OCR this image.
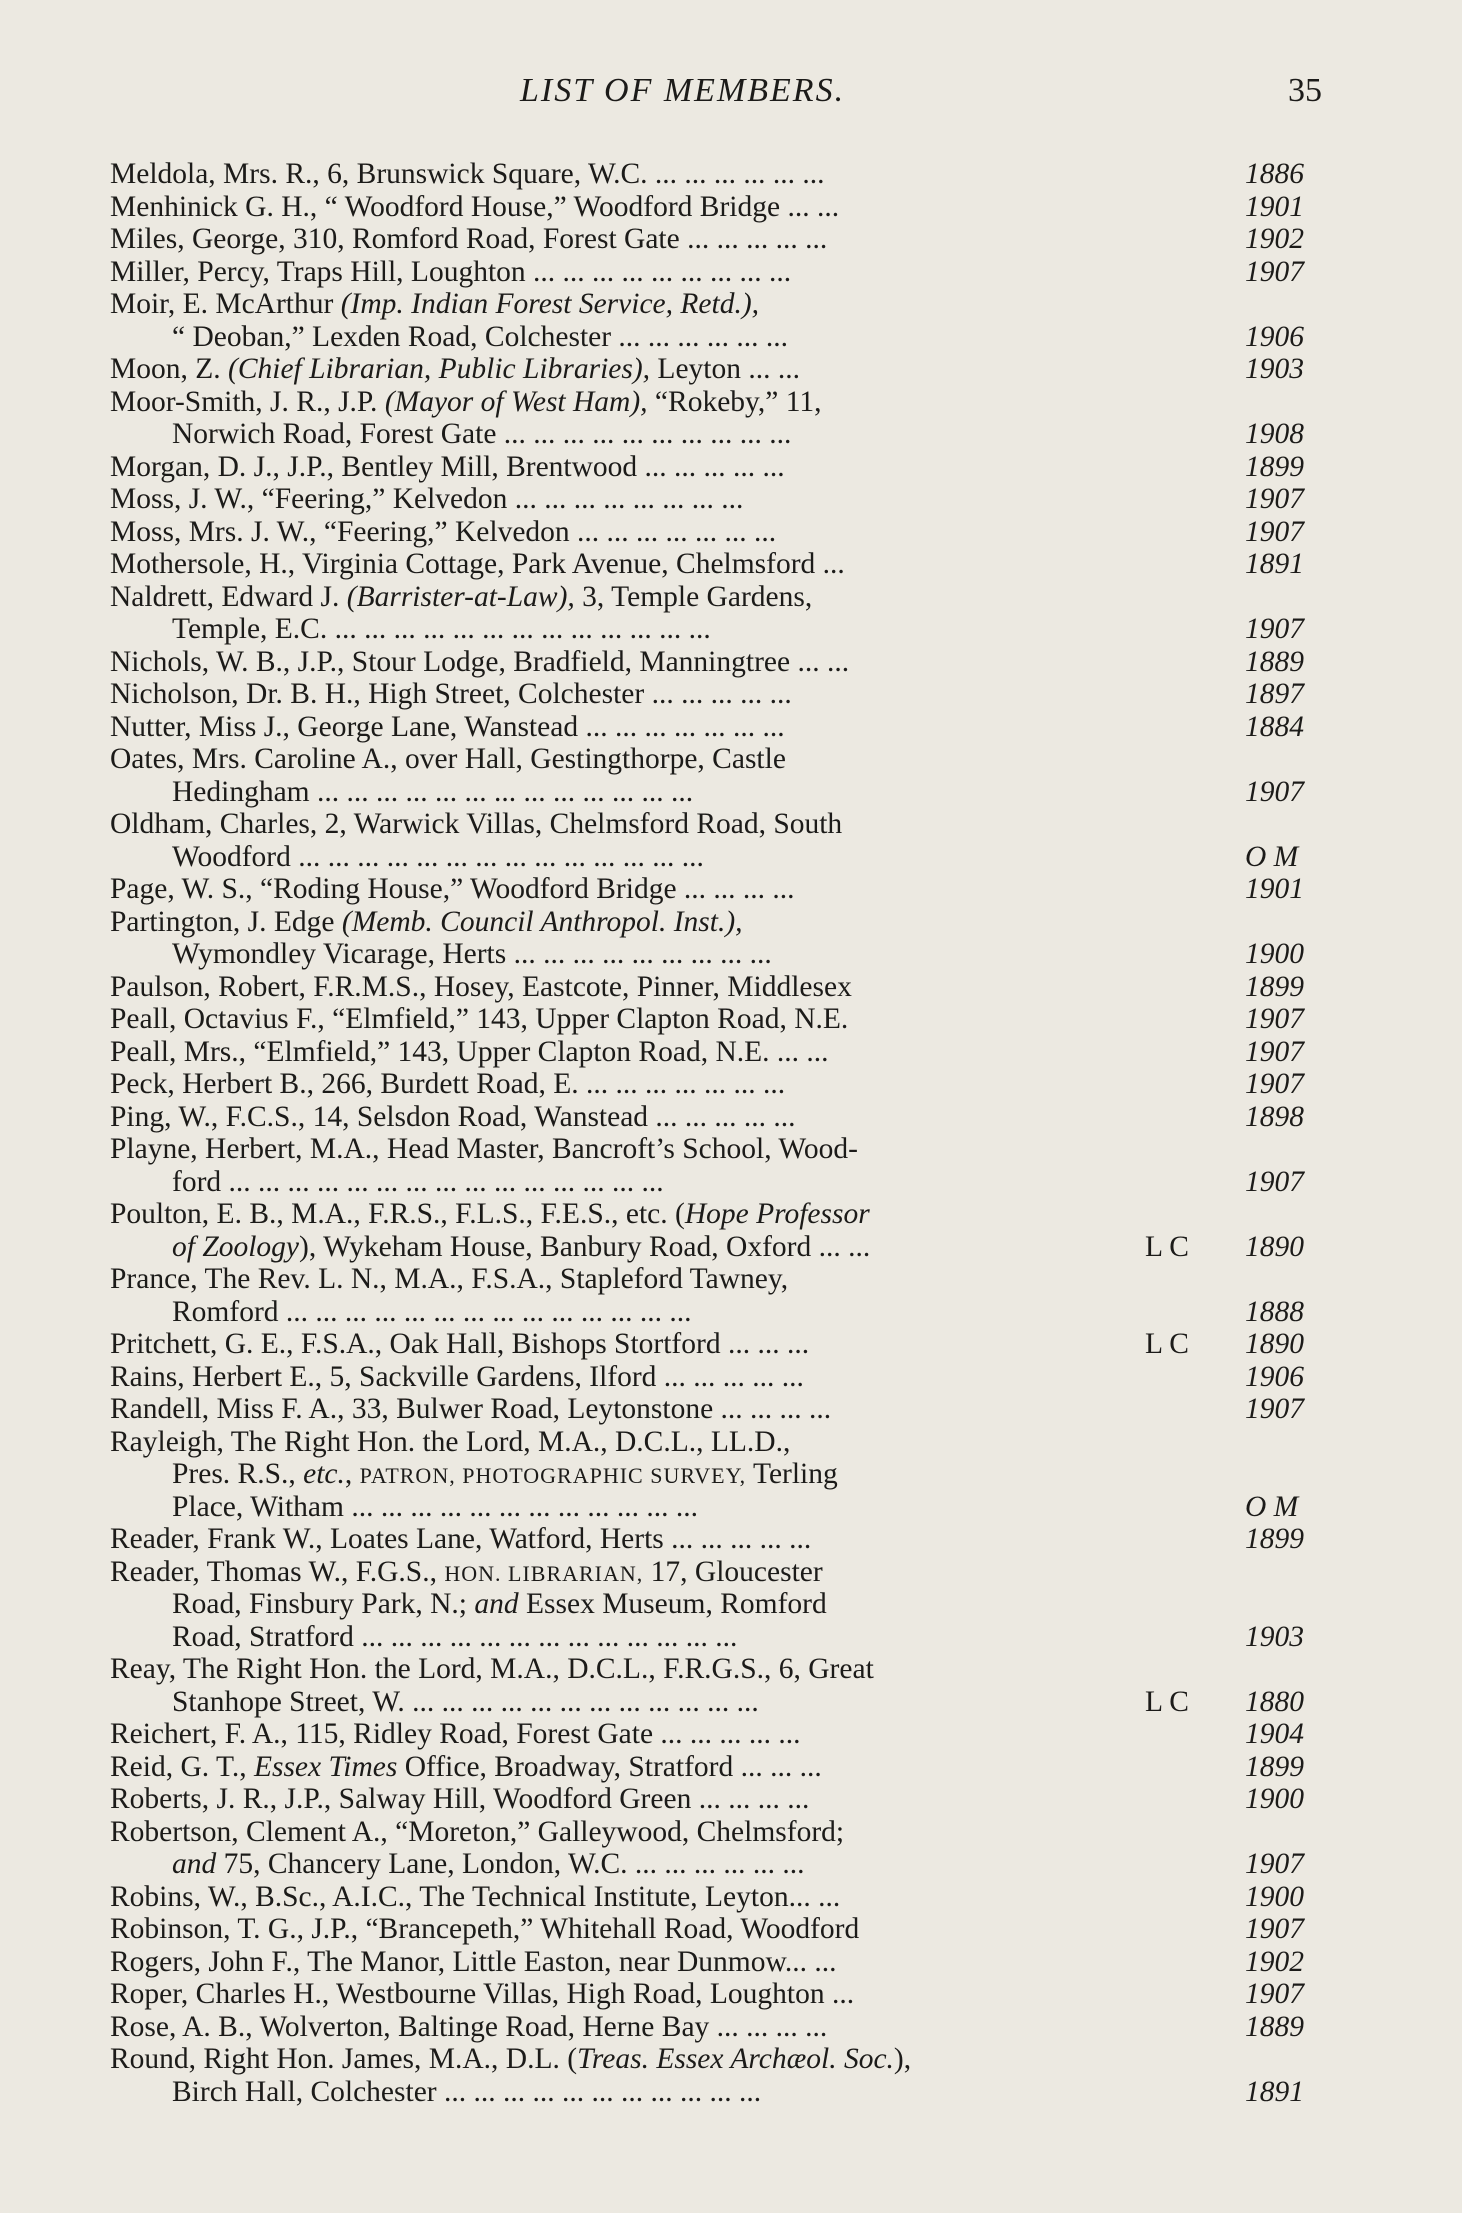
LIST OF MEMBERS.	35
Meldola, Mrs. R., 6, Brunswick Square, W.C. ... ... ... ... ... ...	1886
Menhinick G. H., “ Woodford House,” Woodford Bridge ... ...	1901
Miles, George, 310, Romford Road, Forest Gate ... ... ... ... ...	1902
Miller, Percy, Traps Hill, Loughton ... ... ... ... ... ... ... ... ...	1907
Moir, E. McArthur (Imp. Indian Forest Service, Retd.),
“ Deoban,” Lexden Road, Colchester ... ... ... ... ... ...	1906
Moon, Z. (Chief Librarian, Public Libraries), Leyton ... ...	1903
Moor-Smith, J. R., J.P. (Mayor of West Ham), “Rokeby,” 11,
Norwich Road, Forest Gate ... ... ... ... ... ... ... ... ... ...	1908
Morgan, D. J., J.P., Bentley Mill, Brentwood ... ... ... ... ...	1899
Moss, J. W., “Feering,” Kelvedon ... ... ... ... ... ... ... ...	1907
Moss, Mrs. J. W., “Feering,” Kelvedon ... ... ... ... ... ... ...	1907
Mothersole, H., Virginia Cottage, Park Avenue, Chelmsford ...	1891
Naldrett, Edward J. (Barrister-at-Law), 3, Temple Gardens,
Temple, E.C. ... ... ... ... ... ... ... ... ... ... ... ... ...	1907
Nichols, W. B., J.P., Stour Lodge, Bradfield, Manningtree ... ...	1889
Nicholson, Dr. B. H., High Street, Colchester ... ... ... ... ...	1897
Nutter, Miss J., George Lane, Wanstead ... ... ... ... ... ... ...	1884
Oates, Mrs. Caroline A., over Hall, Gestingthorpe, Castle
Hedingham ... ... ... ... ... ... ... ... ... ... ... ... ...	1907
Oldham, Charles, 2, Warwick Villas, Chelmsford Road, South
Woodford ... ... ... ... ... ... ... ... ... ... ... ... ... ...	O M
Page, W. S., “Roding House,” Woodford Bridge ... ... ... ...	1901
Partington, J. Edge (Memb. Council Anthropol. Inst.),
Wymondley Vicarage, Herts ... ... ... ... ... ... ... ... ...	1900
Paulson, Robert, F.R.M.S., Hosey, Eastcote, Pinner, Middlesex	1899
Peall, Octavius F., “Elmfield,” 143, Upper Clapton Road, N.E.	1907
Peall, Mrs., “Elmfield,” 143, Upper Clapton Road, N.E. ... ...	1907
Peck, Herbert B., 266, Burdett Road, E. ... ... ... ... ... ... ...	1907
Ping, W., F.C.S., 14, Selsdon Road, Wanstead ... ... ... ... ...	1898
Playne, Herbert, M.A., Head Master, Bancroft’s School, Wood-
ford ... ... ... ... ... ... ... ... ... ... ... ... ... ... ...	1907
Poulton, E. B., M.A., F.R.S., F.L.S., F.E.S., etc. (Hope Professor
of Zoology), Wykeham House, Banbury Road, Oxford ... ...	L C	1890
Prance, The Rev. L. N., M.A., F.S.A., Stapleford Tawney,
Romford ... ... ... ... ... ... ... ... ... ... ... ... ... ...	1888
Pritchett, G. E., F.S.A., Oak Hall, Bishops Stortford ... ... ...	L C	1890
Rains, Herbert E., 5, Sackville Gardens, Ilford ... ... ... ... ...	1906
Randell, Miss F. A., 33, Bulwer Road, Leytonstone ... ... ... ...	1907
Rayleigh, The Right Hon. the Lord, M.A., D.C.L., LL.D.,
Pres. R.S., etc., PATRON, PHOTOGRAPHIC SURVEY, Terling
Place, Witham ... ... ... ... ... ... ... ... ... ... ... ...	O M
Reader, Frank W., Loates Lane, Watford, Herts ... ... ... ... ...	1899
Reader, Thomas W., F.G.S., HON. LIBRARIAN, 17, Gloucester
Road, Finsbury Park, N.; and Essex Museum, Romford
Road, Stratford ... ... ... ... ... ... ... ... ... ... ... ... ...	1903
Reay, The Right Hon. the Lord, M.A., D.C.L., F.R.G.S., 6, Great
Stanhope Street, W. ... ... ... ... ... ... ... ... ... ... ... ...	L C	1880
Reichert, F. A., 115, Ridley Road, Forest Gate ... ... ... ... ...	1904
Reid, G. T., Essex Times Office, Broadway, Stratford ... ... ...	1899
Roberts, J. R., J.P., Salway Hill, Woodford Green ... ... ... ...	1900
Robertson, Clement A., “Moreton,” Galleywood, Chelmsford;
and 75, Chancery Lane, London, W.C. ... ... ... ... ... ...	1907
Robins, W., B.Sc., A.I.C., The Technical Institute, Leyton... ...	1900
Robinson, T. G., J.P., “Brancepeth,” Whitehall Road, Woodford	1907
Rogers, John F., The Manor, Little Easton, near Dunmow... ...	1902
Roper, Charles H., Westbourne Villas, High Road, Loughton ...	1907
Rose, A. B., Wolverton, Baltinge Road, Herne Bay ... ... ... ...	1889
Round, Right Hon. James, M.A., D.L. (Treas. Essex Archæol. Soc.),
Birch Hall, Colchester ... ... ... ... ... ... ... ... ... ... ...	1891
